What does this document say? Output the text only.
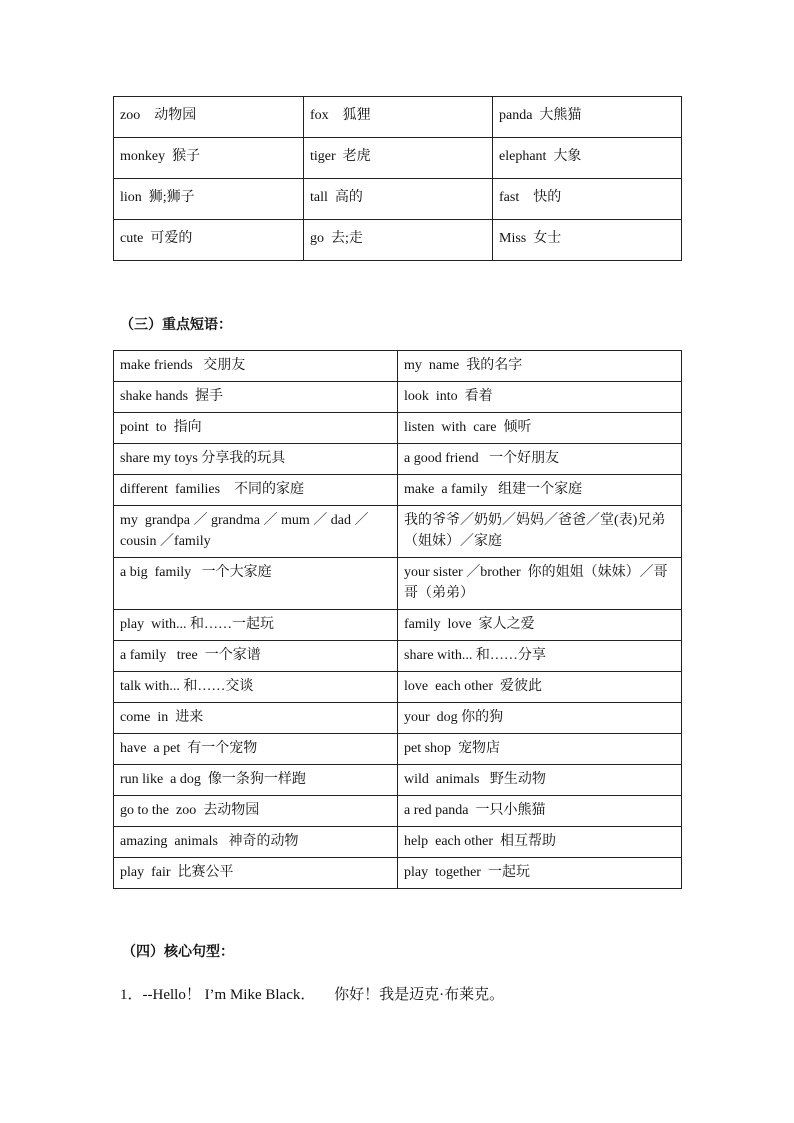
zoo    动物园	fox    狐狸	panda  大熊猫
monkey  猴子	tiger  老虎	elephant  大象
lion  狮;狮子	tall  高的	fast    快的
cute  可爱的	go  去;走	Miss  女士
（三）重点短语：
make friends   交朋友	my  name  我的名字
shake hands  握手	look  into  看着
point  to  指向	listen  with  care  倾听
share my toys 分享我的玩具	a good friend   一个好朋友
different  families    不同的家庭	make  a family   组建一个家庭
my  grandpa ／ grandma ／ mum ／ dad ／ cousin ／family	我的爷爷／奶奶／妈妈／爸爸／堂(表)兄弟（姐妹）／家庭
a big  family   一个大家庭	your sister ／brother  你的姐姐（妹妹）／哥哥（弟弟）
play  with... 和……一起玩	family  love  家人之爱
a family   tree  一个家谱	share with... 和……分享
talk with... 和……交谈	love  each other  爱彼此
come  in  进来	your  dog 你的狗
have  a pet  有一个宠物	pet shop  宠物店
run like  a dog  像一条狗一样跑	wild  animals   野生动物
go to the  zoo  去动物园	a red panda  一只小熊猫
amazing  animals   神奇的动物	help  each other  相互帮助
play  fair  比赛公平	play  together  一起玩
（四）核心句型：
1．--Hello！ I’m Mike Black．     你好！我是迈克·布莱克。
